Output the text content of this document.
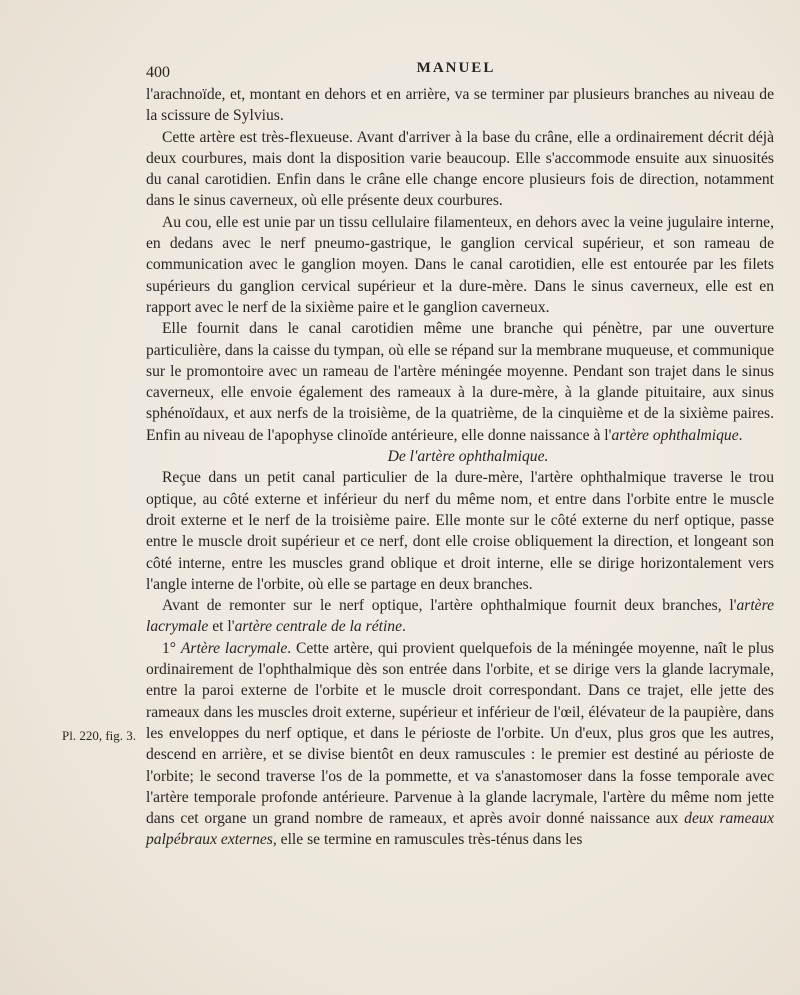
400	MANUEL
Pl. 220, fig. 3.

l'arachnoïde, et, montant en dehors et en arrière, va se terminer par plusieurs branches au niveau de la scissure de Sylvius.

Cette artère est très-flexueuse. Avant d'arriver à la base du crâne, elle a ordinairement décrit déjà deux courbures, mais dont la disposition varie beaucoup. Elle s'accommode ensuite aux sinuosités du canal carotidien. Enfin dans le crâne elle change encore plusieurs fois de direction, notamment dans le sinus caverneux, où elle présente deux courbures.

Au cou, elle est unie par un tissu cellulaire filamenteux, en dehors avec la veine jugulaire interne, en dedans avec le nerf pneumo-gastrique, le ganglion cervical supérieur, et son rameau de communication avec le ganglion moyen. Dans le canal carotidien, elle est entourée par les filets supérieurs du ganglion cervical supérieur et la dure-mère. Dans le sinus caverneux, elle est en rapport avec le nerf de la sixième paire et le ganglion caverneux.

Elle fournit dans le canal carotidien même une branche qui pénètre, par une ouverture particulière, dans la caisse du tympan, où elle se répand sur la membrane muqueuse, et communique sur le promontoire avec un rameau de l'artère méningée moyenne. Pendant son trajet dans le sinus caverneux, elle envoie également des rameaux à la dure-mère, à la glande pituitaire, aux sinus sphénoïdaux, et aux nerfs de la troisième, de la quatrième, de la cinquième et de la sixième paires. Enfin au niveau de l'apophyse clinoïde antérieure, elle donne naissance à l'artère ophthalmique.

De l'artère ophthalmique.

Reçue dans un petit canal particulier de la dure-mère, l'artère ophthalmique traverse le trou optique, au côté externe et inférieur du nerf du même nom, et entre dans l'orbite entre le muscle droit externe et le nerf de la troisième paire. Elle monte sur le côté externe du nerf optique, passe entre le muscle droit supérieur et ce nerf, dont elle croise obliquement la direction, et longeant son côté interne, entre les muscles grand oblique et droit interne, elle se dirige horizontalement vers l'angle interne de l'orbite, où elle se partage en deux branches.

Avant de remonter sur le nerf optique, l'artère ophthalmique fournit deux branches, l'artère lacrymale et l'artère centrale de la rétine.

1° Artère lacrymale. Cette artère, qui provient quelquefois de la méningée moyenne, naît le plus ordinairement de l'ophthalmique dès son entrée dans l'orbite, et se dirige vers la glande lacrymale, entre la paroi externe de l'orbite et le muscle droit correspondant. Dans ce trajet, elle jette des rameaux dans les muscles droit externe, supérieur et inférieur de l'œil, élévateur de la paupière, dans les enveloppes du nerf optique, et dans le périoste de l'orbite. Un d'eux, plus gros que les autres, descend en arrière, et se divise bientôt en deux ramuscules : le premier est destiné au périoste de l'orbite; le second traverse l'os de la pommette, et va s'anastomoser dans la fosse temporale avec l'artère temporale profonde antérieure. Parvenue à la glande lacrymale, l'artère du même nom jette dans cet organe un grand nombre de rameaux, et après avoir donné naissance aux deux rameaux palpébraux externes, elle se termine en ramuscules très-ténus dans les
